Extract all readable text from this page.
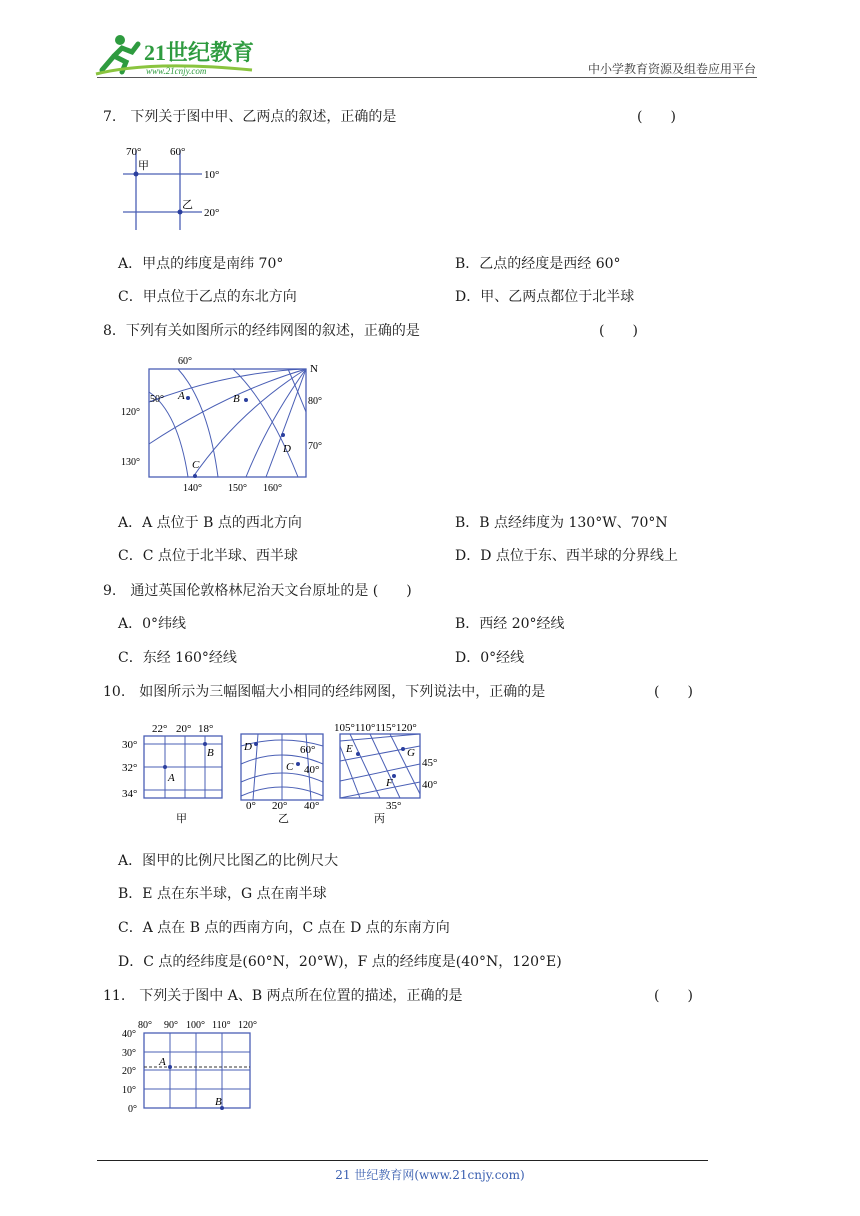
21世纪教育
www.21cnjy.com	中小学教育资源及组卷应用平台
7.　下列关于图中甲、乙两点的叙述，正确的是	(　　)
70°	60°
甲
乙
10°
20°
A．甲点的纬度是南纬 70°	B．乙点的经度是西经 60°
C．甲点位于乙点的东北方向	D．甲、乙两点都位于北半球
8．下列有关如图所示的经纬网图的叙述，正确的是	(　　)
N
60°
50°
120°
130°
140°	150° 160°
80°
70°
A	B
C
D
A．A 点位于 B 点的西北方向	B．B 点经纬度为 130°W、70°N
C．C 点位于北半球、西半球	D．D 点位于东、西半球的分界线上
9.　通过英国伦敦格林尼治天文台原址的是 (　　)
A．0°纬线	B．西经 20°经线
C．东经 160°经线	D．0°经线
10.　如图所示为三幅图幅大小相同的经纬网图，下列说法中，正确的是	(　　)
22° 20° 18°
30°
32°
34°
A
B
甲
D
C
60°
40°
0° 20° 40°
乙
105°110°115°120°
E	G
F
45°
40°
35°
丙
A．图甲的比例尺比图乙的比例尺大
B．E 点在东半球，G 点在南半球
C．A 点在 B 点的西南方向，C 点在 D 点的东南方向
D．C 点的经纬度是(60°N，20°W)，F 点的经纬度是(40°N，120°E)
11.　下列关于图中 A、B 两点所在位置的描述，正确的是	(　　)
80° 90° 100° 110° 120°
40°
30°
20°
10°
0°
A
B
21 世纪教育网(www.21cnjy.com)
